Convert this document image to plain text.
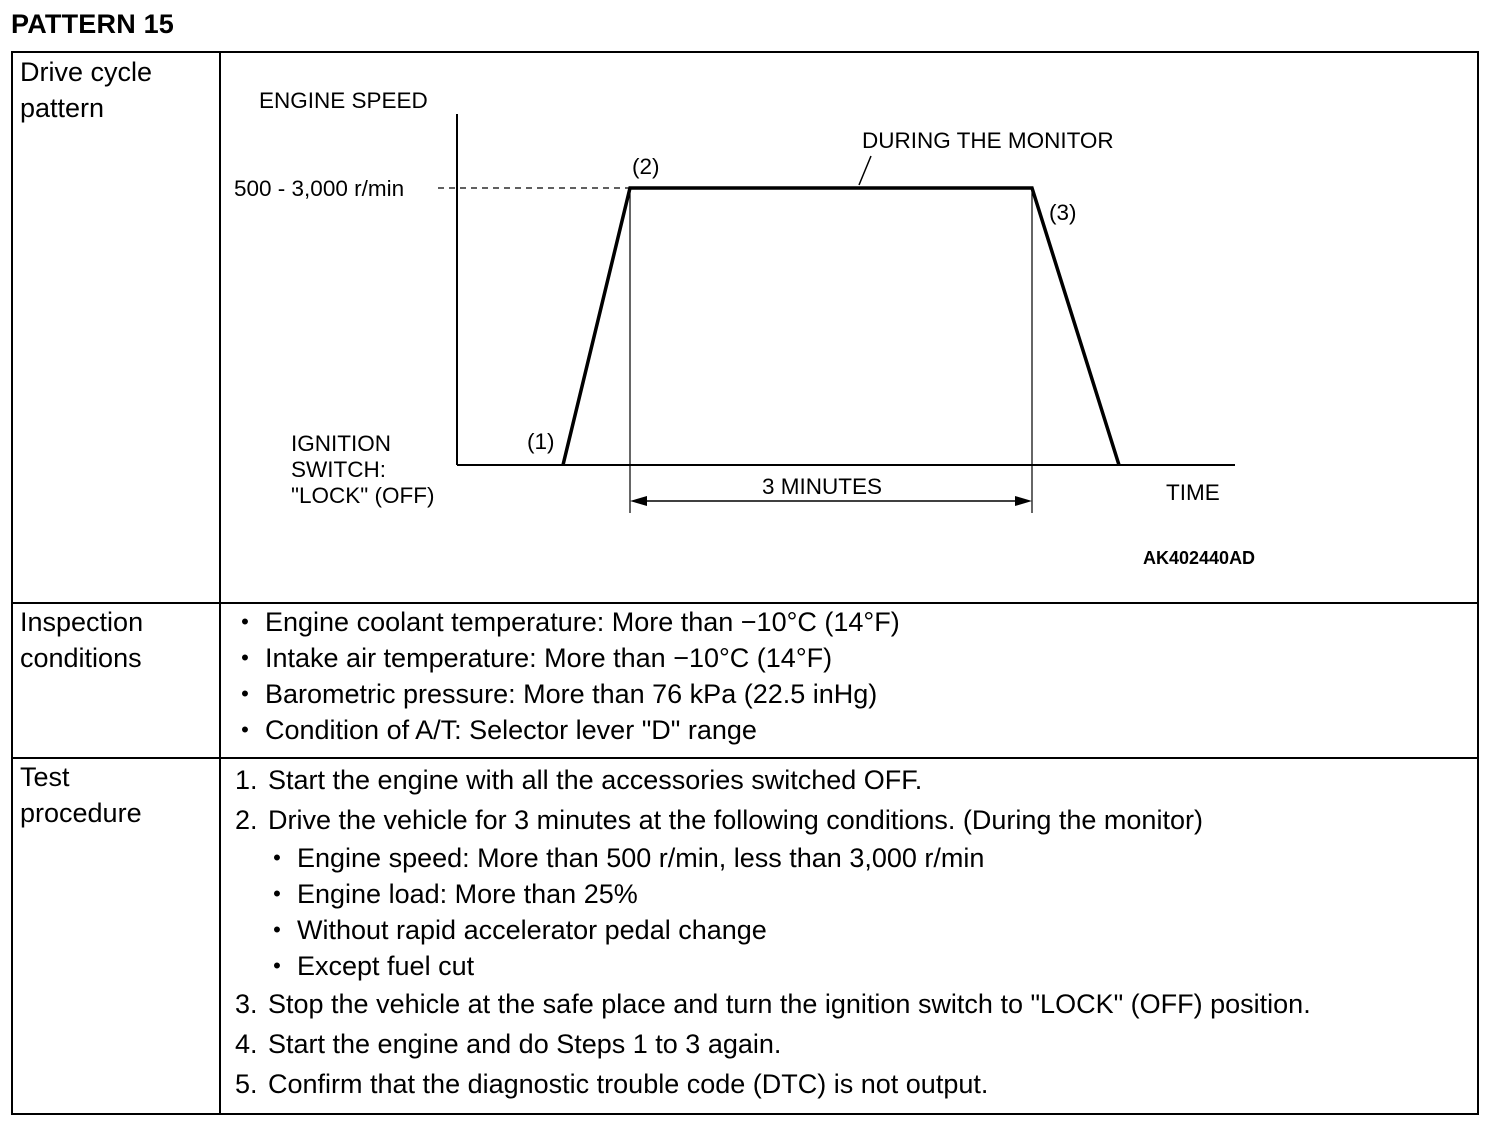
PATTERN 15
Drive cycle
pattern
Inspection
conditions
Test
procedure
ENGINE SPEED
500 - 3,000 r/min
DURING THE MONITOR
(2)
(3)
(1)
IGNITION
SWITCH:
"LOCK" (OFF)	3 MINUTES	TIME
AK402440AD
• Engine coolant temperature: More than −10°C (14°F)
• Intake air temperature: More than −10°C (14°F)
• Barometric pressure: More than 76 kPa (22.5 inHg)
• Condition of A/T: Selector lever "D" range
1. Start the engine with all the accessories switched OFF.
2. Drive the vehicle for 3 minutes at the following conditions. (During the monitor)
• Engine speed: More than 500 r/min, less than 3,000 r/min
• Engine load: More than 25%
• Without rapid accelerator pedal change
• Except fuel cut
3. Stop the vehicle at the safe place and turn the ignition switch to "LOCK" (OFF) position.
4. Start the engine and do Steps 1 to 3 again.
5. Confirm that the diagnostic trouble code (DTC) is not output.
